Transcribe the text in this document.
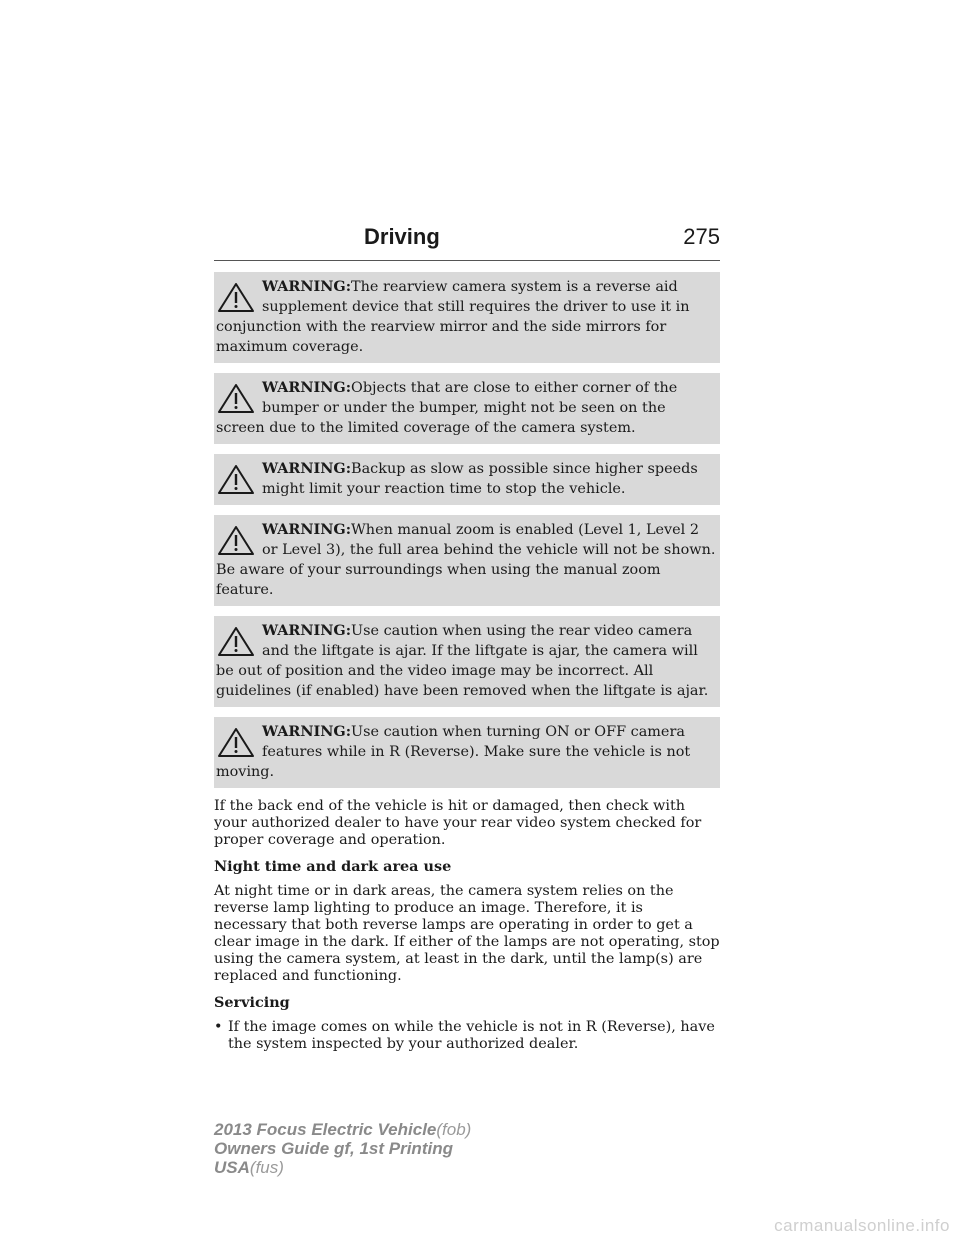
Driving	275
WARNING:The rearview camera system is a reverse aid supplement device that still requires the driver to use it in conjunction with the rearview mirror and the side mirrors for maximum coverage.
WARNING:Objects that are close to either corner of the bumper or under the bumper, might not be seen on the screen due to the limited coverage of the camera system.
WARNING:Backup as slow as possible since higher speeds might limit your reaction time to stop the vehicle.
WARNING:When manual zoom is enabled (Level 1, Level 2 or Level 3), the full area behind the vehicle will not be shown. Be aware of your surroundings when using the manual zoom feature.
WARNING:Use caution when using the rear video camera and the liftgate is ajar. If the liftgate is ajar, the camera will be out of position and the video image may be incorrect. All guidelines (if enabled) have been removed when the liftgate is ajar.
WARNING:Use caution when turning ON or OFF camera features while in R (Reverse). Make sure the vehicle is not moving.

If the back end of the vehicle is hit or damaged, then check with your authorized dealer to have your rear video system checked for proper coverage and operation.

Night time and dark area use

At night time or in dark areas, the camera system relies on the reverse lamp lighting to produce an image. Therefore, it is necessary that both reverse lamps are operating in order to get a clear image in the dark. If either of the lamps are not operating, stop using the camera system, at least in the dark, until the lamp(s) are replaced and functioning.

Servicing

• If the image comes on while the vehicle is not in R (Reverse), have the system inspected by your authorized dealer.
2013 Focus Electric Vehicle(fob)
Owners Guide gf, 1st Printing
USA(fus)
carmanualsonline.info
